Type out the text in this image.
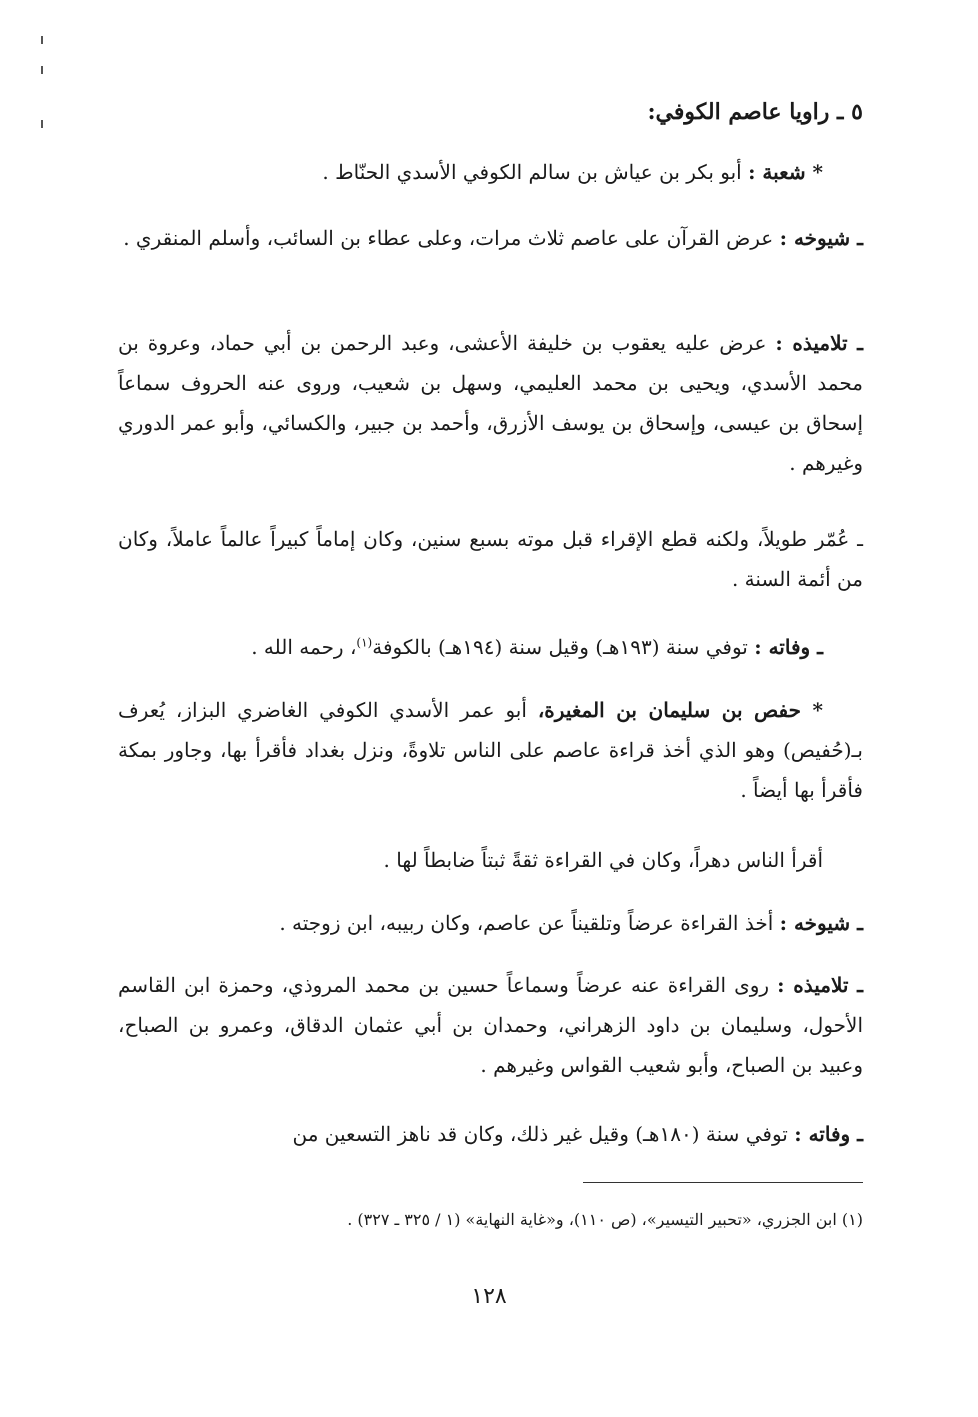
٥ ـ راويا عاصم الكوفي:
* شعبة : أبو بكر بن عياش بن سالم الكوفي الأسدي الحنّاط .
ـ شيوخه : عرض القرآن على عاصم ثلاث مرات، وعلى عطاء بن السائب، وأسلم المنقري .
ـ تلاميذه : عرض عليه يعقوب بن خليفة الأعشى، وعبد الرحمن بن أبي حماد، وعروة بن محمد الأسدي، ويحيى بن محمد العليمي، وسهل بن شعيب، وروى عنه الحروف سماعاً إسحاق بن عيسى، وإسحاق بن يوسف الأزرق، وأحمد بن جبير، والكسائي، وأبو عمر الدوري وغيرهم .
ـ عُمّر طويلاً، ولكنه قطع الإقراء قبل موته بسبع سنين، وكان إماماً كبيراً عالماً عاملاً، وكان من أئمة السنة .
ـ وفاته : توفي سنة (١٩٣هـ) وقيل سنة (١٩٤هـ) بالكوفة$^{(١)}$، رحمه الله .
* حفص بن سليمان بن المغيرة، أبو عمر الأسدي الكوفي الغاضري البزاز، يُعرف بـ(حُفيص) وهو الذي أخذ قراءة عاصم على الناس تلاوةً، ونزل بغداد فأقرأ بها، وجاور بمكة فأقرأ بها أيضاً .
أقرأ الناس دهراً، وكان في القراءة ثقةً ثبتاً ضابطاً لها .
ـ شيوخه : أخذ القراءة عرضاً وتلقيناً عن عاصم، وكان ربيبه، ابن زوجته .
ـ تلاميذه : روى القراءة عنه عرضاً وسماعاً حسين بن محمد المروذي، وحمزة ابن القاسم الأحول، وسليمان بن داود الزهراني، وحمدان بن أبي عثمان الدقاق، وعمرو بن الصباح، وعبيد بن الصباح، وأبو شعيب القواس وغيرهم .
ـ وفاته : توفي سنة (١٨٠هـ) وقيل غير ذلك، وكان قد ناهز التسعين من
(١) ابن الجزري، «تحبير التيسير»، (ص ١١٠)، و«غاية النهاية» (١ / ٣٢٥ ـ ٣٢٧) .
١٢٨
